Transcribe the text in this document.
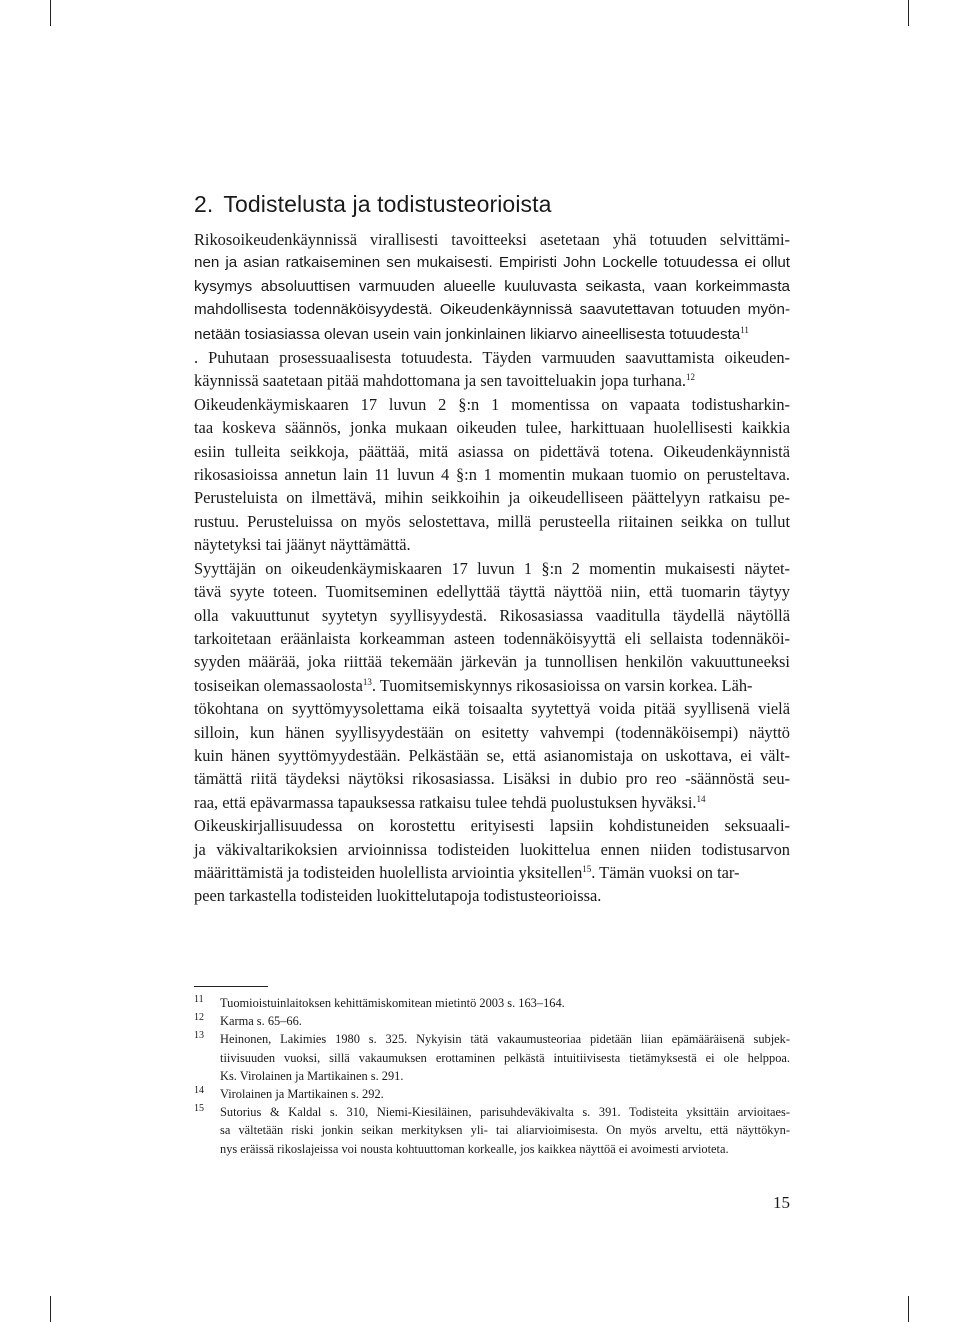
2. Todistelusta ja todistusteorioista
Rikosoikeudenkäynnissä virallisesti tavoitteeksi asetetaan yhä totuuden selvittämi-
nen ja asian ratkaiseminen sen mukaisesti. Empiristi John Lockelle totuudessa ei ollut
kysymys absoluuttisen varmuuden alueelle kuuluvasta seikasta, vaan korkeimmasta
mahdollisesta todennäköisyydestä. Oikeudenkäynnissä saavutettavan totuuden myön-
netään tosiasiassa olevan usein vain jonkinlainen likiarvo aineellisesta totuudesta$^{11}$
. Puhutaan prosessuaalisesta totuudesta. Täyden varmuuden saavuttamista oikeuden-
käynnissä saatetaan pitää mahdottomana ja sen tavoitteluakin jopa turhana.$^{12}$
Oikeudenkäymiskaaren 17 luvun 2 §:n 1 momentissa on vapaata todistusharkin-
taa koskeva säännös, jonka mukaan oikeuden tulee, harkittuaan huolellisesti kaikkia
esiin tulleita seikkoja, päättää, mitä asiassa on pidettävä totena. Oikeudenkäynnistä
rikosasioissa annetun lain 11 luvun 4 §:n 1 momentin mukaan tuomio on perusteltava.
Perusteluista on ilmettävä, mihin seikkoihin ja oikeudelliseen päättelyyn ratkaisu pe-
rustuu. Perusteluissa on myös selostettava, millä perusteella riitainen seikka on tullut
näytetyksi tai jäänyt näyttämättä.
Syyttäjän on oikeudenkäymiskaaren 17 luvun 1 §:n 2 momentin mukaisesti näytet-
tävä syyte toteen. Tuomitseminen edellyttää täyttä näyttöä niin, että tuomarin täytyy
olla vakuuttunut syytetyn syyllisyydestä. Rikosasiassa vaaditulla täydellä näytöllä
tarkoitetaan eräänlaista korkeamman asteen todennäköisyyttä eli sellaista todennäköi-
syyden määrää, joka riittää tekemään järkevän ja tunnollisen henkilön vakuuttuneeksi
tosiseikan olemassaolosta$^{13}$. Tuomitsemiskynnys rikosasioissa on varsin korkea. Läh-
tökohtana on syyttömyysolettama eikä toisaalta syytettyä voida pitää syyllisenä vielä
silloin, kun hänen syyllisyydestään on esitetty vahvempi (todennäköisempi) näyttö
kuin hänen syyttömyydestään. Pelkästään se, että asianomistaja on uskottava, ei vält-
tämättä riitä täydeksi näytöksi rikosasiassa. Lisäksi in dubio pro reo -säännöstä seu-
raa, että epävarmassa tapauksessa ratkaisu tulee tehdä puolustuksen hyväksi.$^{14}$
Oikeuskirjallisuudessa on korostettu erityisesti lapsiin kohdistuneiden seksuaali-
ja väkivaltarikoksien arvioinnissa todisteiden luokittelua ennen niiden todistusarvon
määrittämistä ja todisteiden huolellista arviointia yksitellen$^{15}$. Tämän vuoksi on tar-
peen tarkastella todisteiden luokittelutapoja todistusteorioissa.
11 Tuomioistuinlaitoksen kehittämiskomitean mietintö 2003 s. 163–164.
12 Karma s. 65–66.
13 Heinonen, Lakimies 1980 s. 325. Nykyisin tätä vakaumusteoriaa pidetään liian epämääräisenä subjek-
tiivisuuden vuoksi, sillä vakaumuksen erottaminen pelkästä intuitiivisesta tietämyksestä ei ole helppoa.
Ks. Virolainen ja Martikainen s. 291.
14 Virolainen ja Martikainen s. 292.
15 Sutorius & Kaldal s. 310, Niemi-Kiesiläinen, parisuhdeväkivalta s. 391. Todisteita yksittäin arvioitaes-
sa vältetään riski jonkin seikan merkityksen yli- tai aliarvioimisesta. On myös arveltu, että näyttökyn-
nys eräissä rikoslajeissa voi nousta kohtuuttoman korkealle, jos kaikkea näyttöä ei avoimesti arvioteta.
15
